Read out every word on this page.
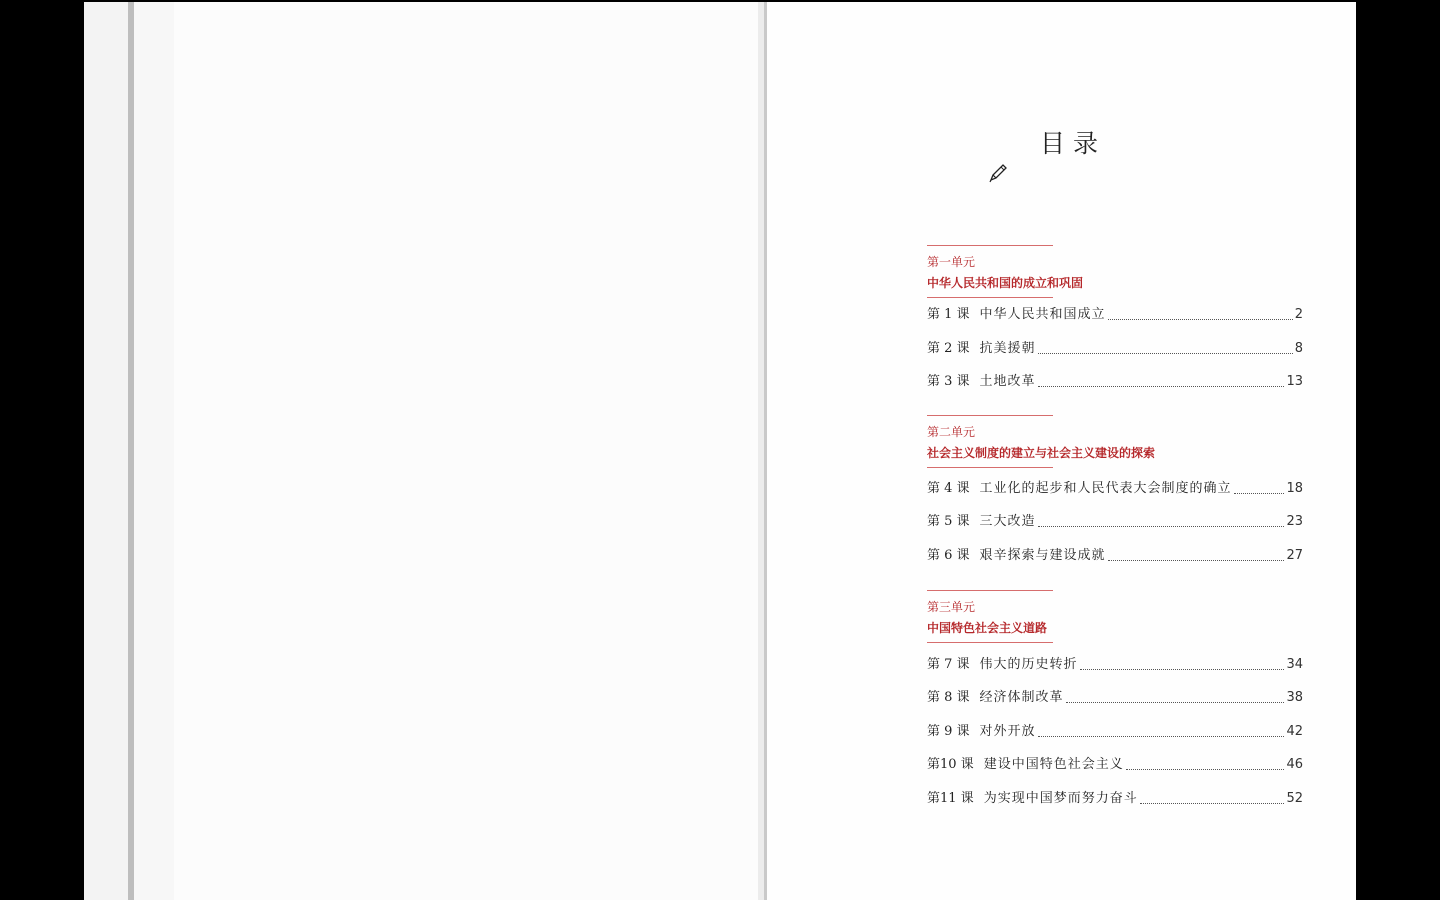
目录
第一单元
中华人民共和国的成立和巩固
第 1 课 中华人民共和国成立	2
第 2 课 抗美援朝	8
第 3 课 土地改革	13
第二单元
社会主义制度的建立与社会主义建设的探索
第 4 课 工业化的起步和人民代表大会制度的确立	18
第 5 课 三大改造	23
第 6 课 艰辛探索与建设成就	27
第三单元
中国特色社会主义道路
第 7 课 伟大的历史转折	34
第 8 课 经济体制改革	38
第 9 课 对外开放	42
第10 课 建设中国特色社会主义	46
第11 课 为实现中国梦而努力奋斗	52
